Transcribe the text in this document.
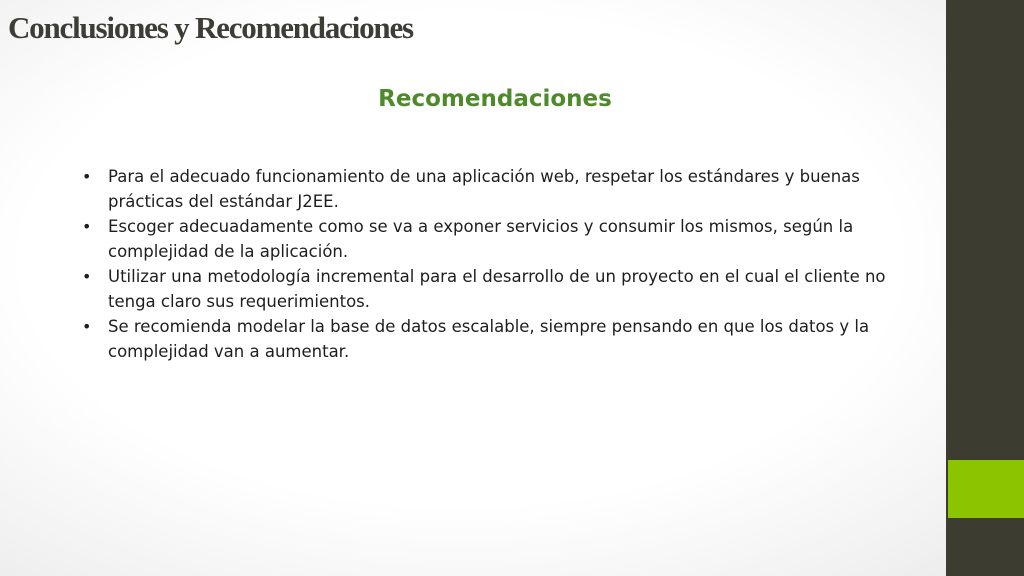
Conclusiones y Recomendaciones
Recomendaciones
• Para el adecuado funcionamiento de una aplicación web, respetar los estándares y buenas prácticas del estándar J2EE.
• Escoger adecuadamente como se va a exponer servicios y consumir los mismos, según la complejidad de la aplicación.
• Utilizar una metodología incremental para el desarrollo de un proyecto en el cual el cliente no tenga claro sus requerimientos.
• Se recomienda modelar la base de datos escalable, siempre pensando en que los datos y la complejidad van a aumentar.
